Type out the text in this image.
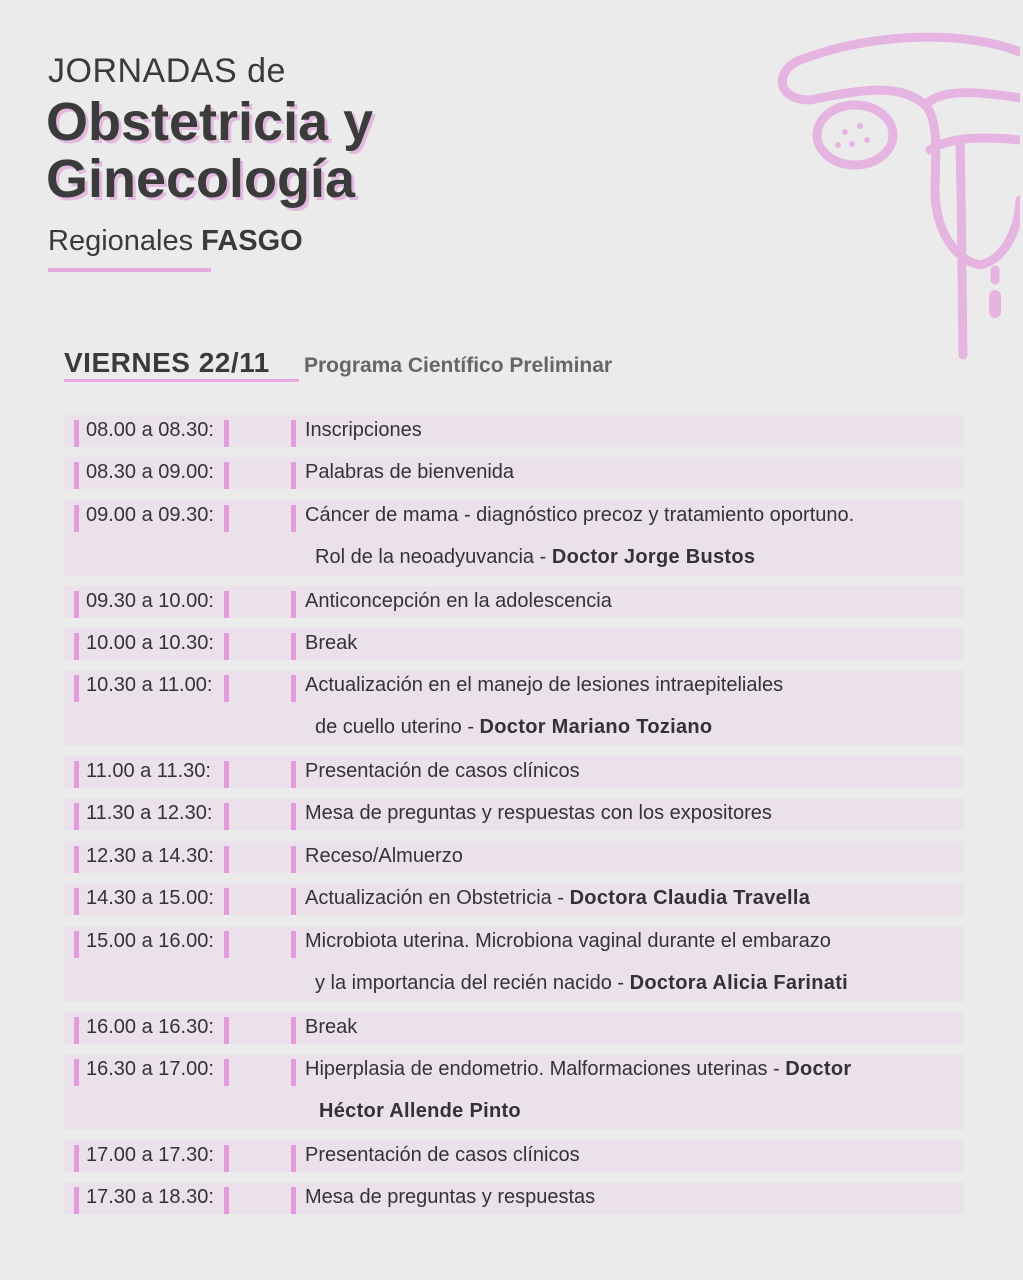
JORNADAS de
Obstetricia y
Ginecología
Regionales FASGO
VIERNES 22/11 Programa Científico Preliminar
08.00 a 08.30:	Inscripciones
08.30 a 09.00:	Palabras de bienvenida
09.00 a 09.30:	Cáncer de mama - diagnóstico precoz y tratamiento oportuno.
Rol de la neoadyuvancia - Doctor Jorge Bustos
09.30 a 10.00:	Anticoncepción en la adolescencia
10.00 a 10.30:	Break
10.30 a 11.00:	Actualización en el manejo de lesiones intraepiteliales
de cuello uterino - Doctor Mariano Toziano
11.00 a 11.30:	Presentación de casos clínicos
11.30 a 12.30:	Mesa de preguntas y respuestas con los expositores
12.30 a 14.30:	Receso/Almuerzo
14.30 a 15.00:	Actualización en Obstetricia - Doctora Claudia Travella
15.00 a 16.00:	Microbiota uterina. Microbiona vaginal durante el embarazo
y la importancia del recién nacido - Doctora Alicia Farinati
16.00 a 16.30:	Break
16.30 a 17.00:	Hiperplasia de endometrio. Malformaciones uterinas - Doctor
Héctor Allende Pinto
17.00 a 17.30:	Presentación de casos clínicos
17.30 a 18.30:	Mesa de preguntas y respuestas
